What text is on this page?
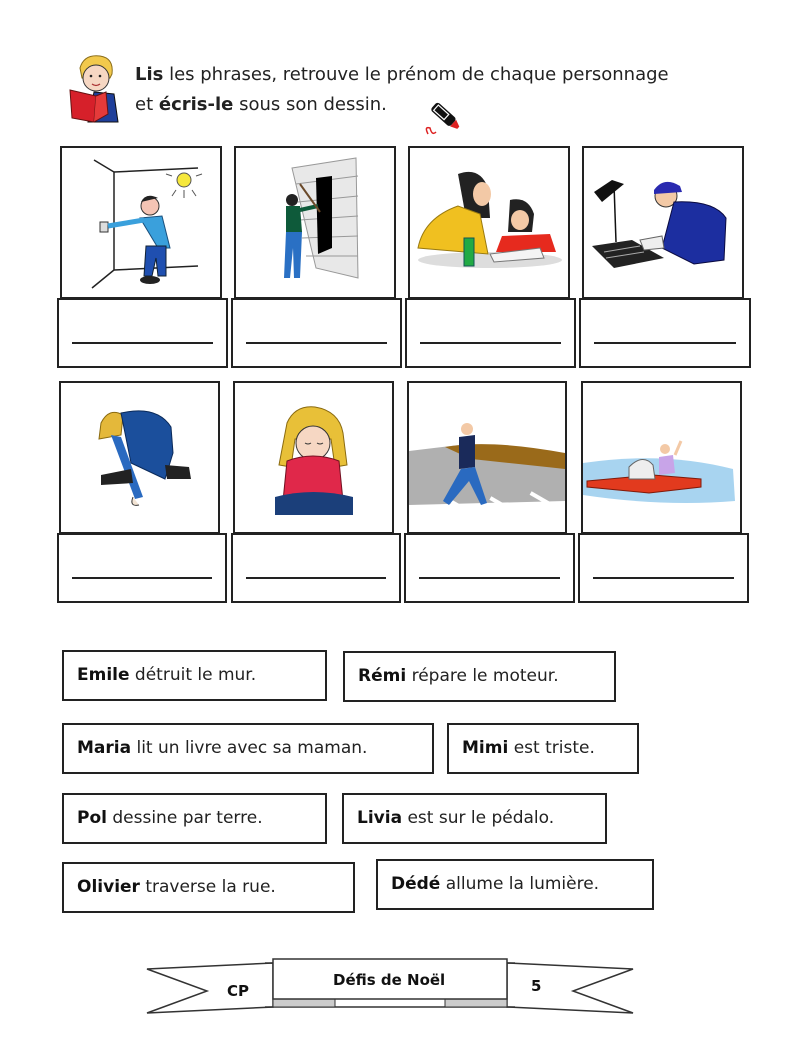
Lis les phrases, retrouve le prénom de chaque personnage
et écris-le sous son dessin.
Emile détruit le mur.	Rémi répare le moteur.
Maria lit un livre avec sa maman.	Mimi est triste.
Pol dessine par terre.	Livia est sur le pédalo.
Olivier traverse la rue.	Dédé allume la lumière.
CP
Défis de Noël	5
